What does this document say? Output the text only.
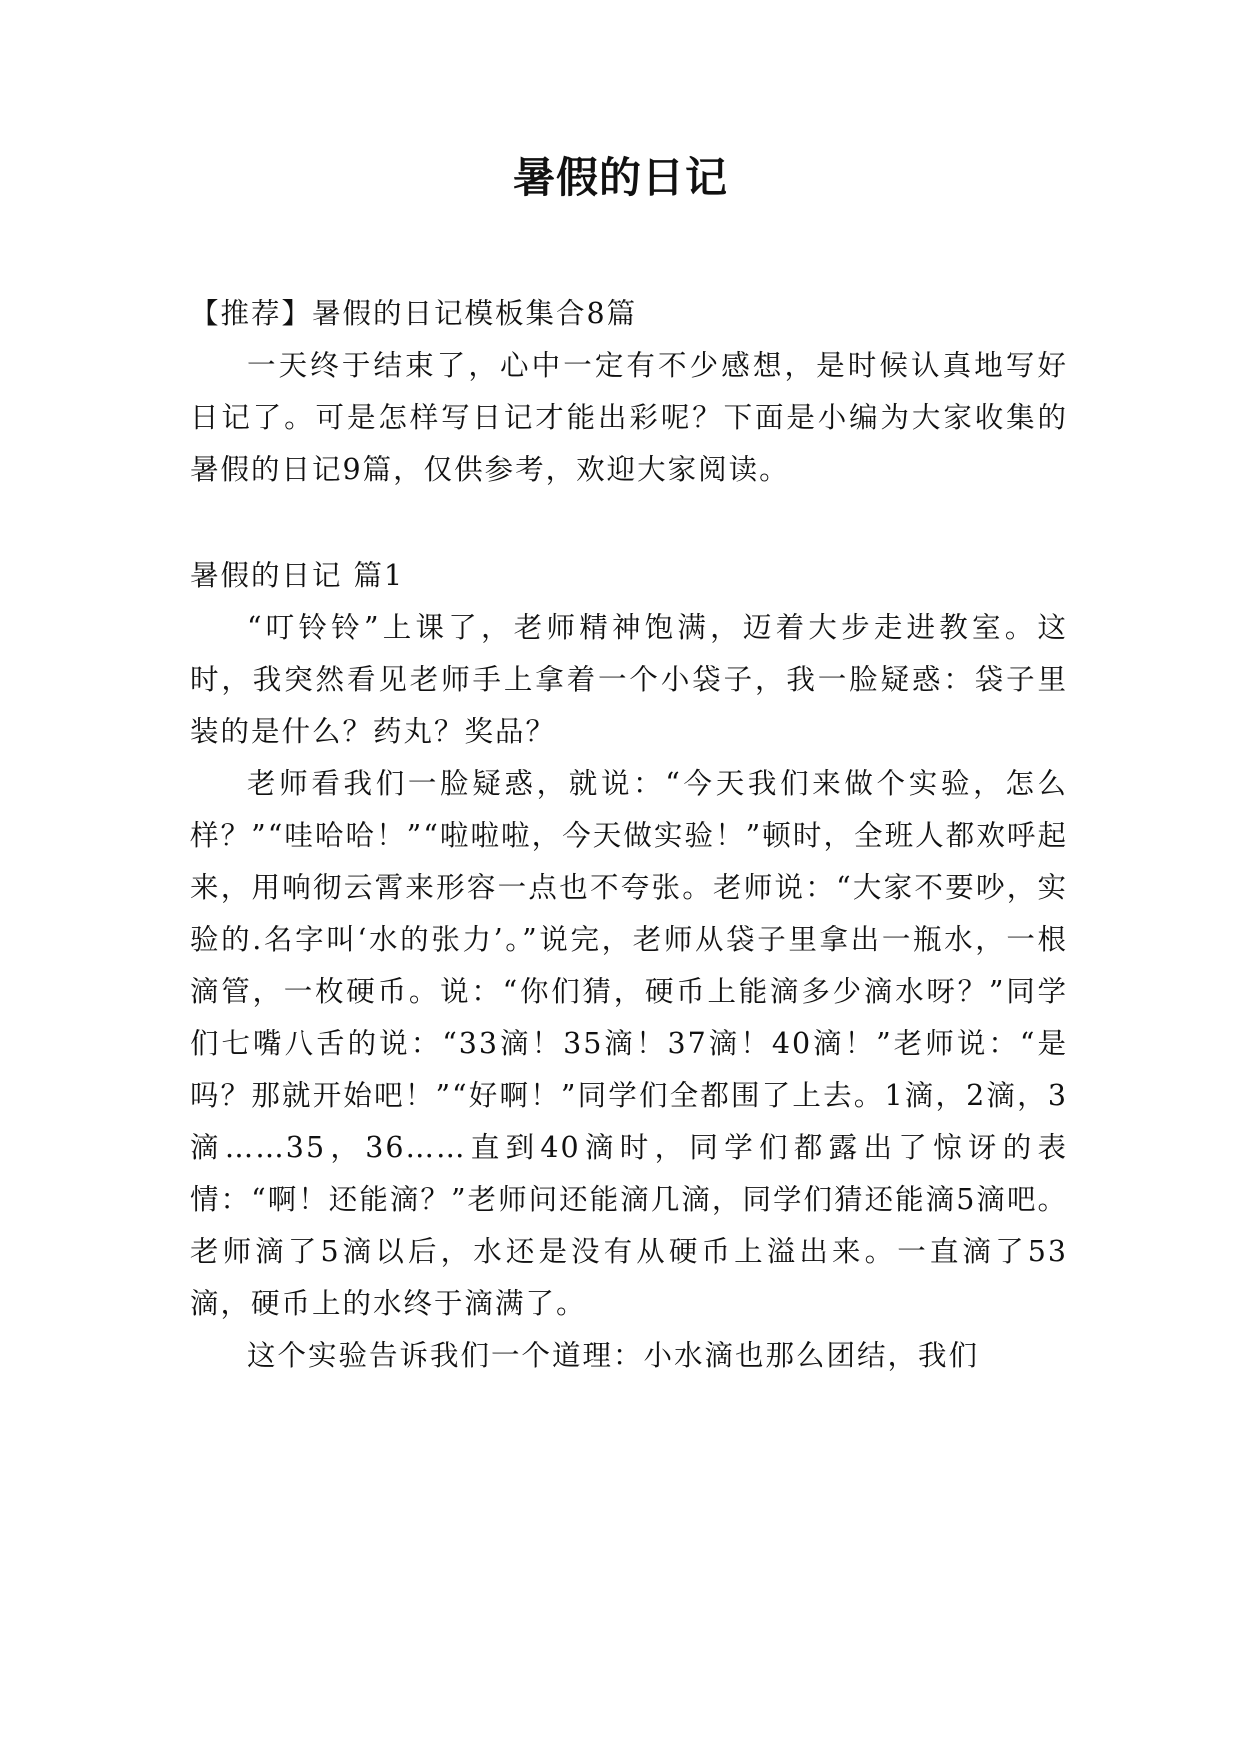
暑假的日记

【推荐】暑假的日记模板集合8篇

一天终于结束了，心中一定有不少感想，是时候认真地写好日记了。可是怎样写日记才能出彩呢？下面是小编为大家收集的暑假的日记9篇，仅供参考，欢迎大家阅读。

暑假的日记 篇1

“叮铃铃”上课了，老师精神饱满，迈着大步走进教室。这时，我突然看见老师手上拿着一个小袋子，我一脸疑惑：袋子里装的是什么？药丸？奖品？

老师看我们一脸疑惑，就说：“今天我们来做个实验，怎么样？”“哇哈哈！”“啦啦啦，今天做实验！”顿时，全班人都欢呼起来，用响彻云霄来形容一点也不夸张。老师说：“大家不要吵，实验的.名字叫‘水的张力’。”说完，老师从袋子里拿出一瓶水，一根滴管，一枚硬币。说：“你们猜，硬币上能滴多少滴水呀？”同学们七嘴八舌的说：“33滴！35滴！37滴！40滴！”老师说：“是吗？那就开始吧！”“好啊！”同学们全都围了上去。1滴，2滴，3滴……35，36……直到40滴时，同学们都露出了惊讶的表情：“啊！还能滴？”老师问还能滴几滴，同学们猜还能滴5滴吧。老师滴了5滴以后，水还是没有从硬币上溢出来。一直滴了53滴，硬币上的水终于滴满了。

这个实验告诉我们一个道理：小水滴也那么团结，我们
